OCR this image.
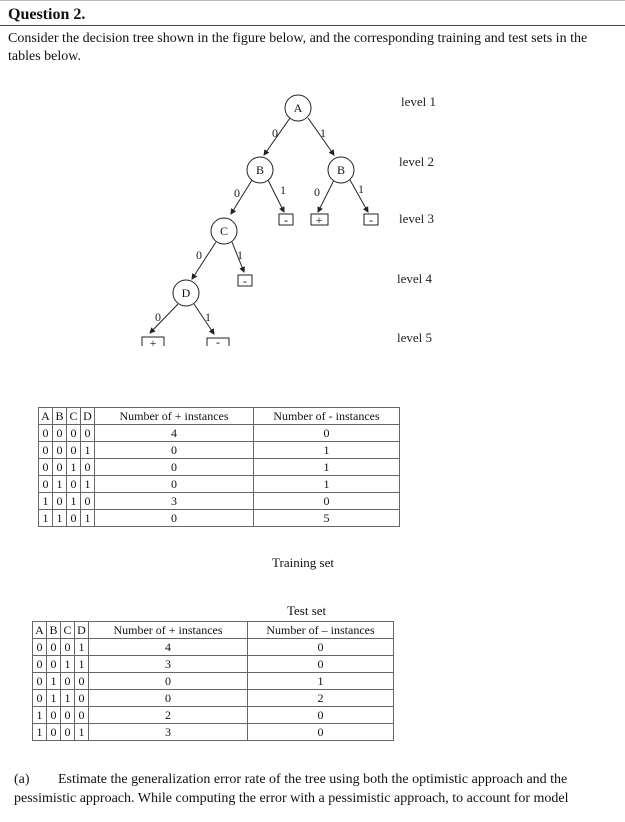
Question 2.
Consider the decision tree shown in the figure below, and the corresponding training and test sets in the tables below.
0	1
0	1 0	1
0	1
0	1
A
B	B
C
D
- +	-
-
+	-
level 1
level 2
level 3
level 4
level 5
A	B	C	D	Number of + instances	Number of - instances
0	0	0	0	4	0
0	0	0	1	0	1
0	0	1	0	0	1
0	1	0	1	0	1
1	0	1	0	3	0
1	1	0	1	0	5
Training set
Test set
A	B	C	D	Number of + instances	Number of – instances
0	0	0	1	4	0
0	0	1	1	3	0
0	1	0	0	0	1
0	1	1	0	0	2
1	0	0	0	2	0
1	0	0	1	3	0
(a) Estimate the generalization error rate of the tree using both the optimistic approach and the pessimistic approach. While computing the error with a pessimistic approach, to account for model
